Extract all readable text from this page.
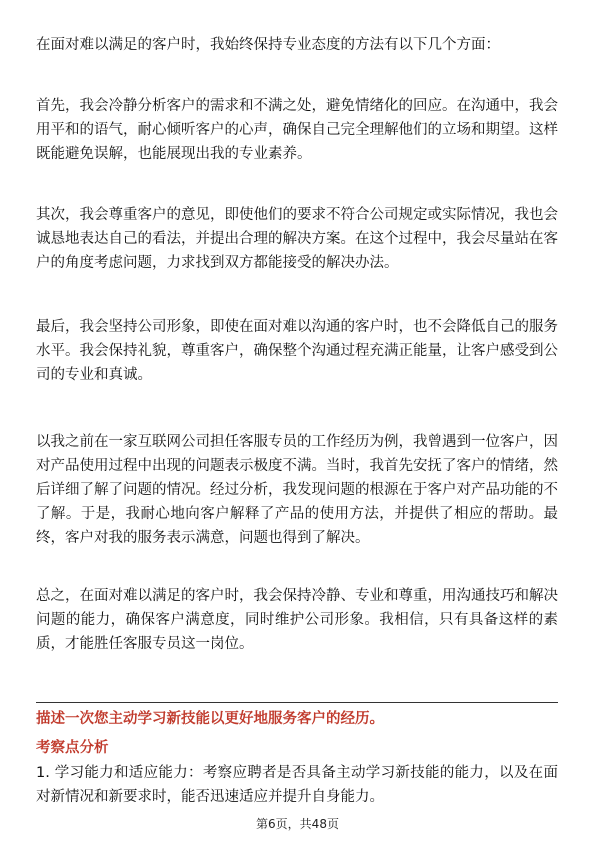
在面对难以满足的客户时，我始终保持专业态度的方法有以下几个方面：

首先，我会冷静分析客户的需求和不满之处，避免情绪化的回应。在沟通中，我会用平和的语气，耐心倾听客户的心声，确保自己完全理解他们的立场和期望。这样既能避免误解，也能展现出我的专业素养。

其次，我会尊重客户的意见，即使他们的要求不符合公司规定或实际情况，我也会诚恳地表达自己的看法，并提出合理的解决方案。在这个过程中，我会尽量站在客户的角度考虑问题，力求找到双方都能接受的解决办法。

最后，我会坚持公司形象，即使在面对难以沟通的客户时，也不会降低自己的服务水平。我会保持礼貌，尊重客户，确保整个沟通过程充满正能量，让客户感受到公司的专业和真诚。

以我之前在一家互联网公司担任客服专员的工作经历为例，我曾遇到一位客户，因对产品使用过程中出现的问题表示极度不满。当时，我首先安抚了客户的情绪，然后详细了解了问题的情况。经过分析，我发现问题的根源在于客户对产品功能的不了解。于是，我耐心地向客户解释了产品的使用方法，并提供了相应的帮助。最终，客户对我的服务表示满意，问题也得到了解决。

总之，在面对难以满足的客户时，我会保持冷静、专业和尊重，用沟通技巧和解决问题的能力，确保客户满意度，同时维护公司形象。我相信，只有具备这样的素质，才能胜任客服专员这一岗位。

描述一次您主动学习新技能以更好地服务客户的经历。

考察点分析

1. 学习能力和适应能力：考察应聘者是否具备主动学习新技能的能力，以及在面对新情况和新要求时，能否迅速适应并提升自身能力。

第6页，共48页
